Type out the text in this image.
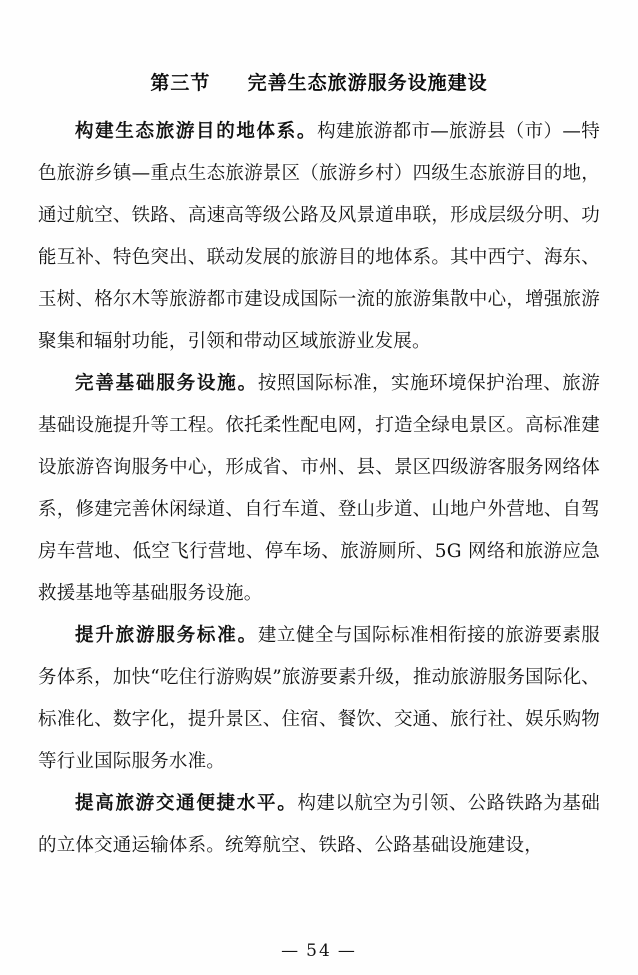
第三节 完善生态旅游服务设施建设

构建生态旅游目的地体系。构建旅游都市—旅游县（市）—特色旅游乡镇—重点生态旅游景区（旅游乡村）四级生态旅游目的地，通过航空、铁路、高速高等级公路及风景道串联，形成层级分明、功能互补、特色突出、联动发展的旅游目的地体系。其中西宁、海东、玉树、格尔木等旅游都市建设成国际一流的旅游集散中心，增强旅游聚集和辐射功能，引领和带动区域旅游业发展。

完善基础服务设施。按照国际标准，实施环境保护治理、旅游基础设施提升等工程。依托柔性配电网，打造全绿电景区。高标准建设旅游咨询服务中心，形成省、市州、县、景区四级游客服务网络体系，修建完善休闲绿道、自行车道、登山步道、山地户外营地、自驾房车营地、低空飞行营地、停车场、旅游厕所、5G 网络和旅游应急救援基地等基础服务设施。

提升旅游服务标准。建立健全与国际标准相衔接的旅游要素服务体系，加快“吃住行游购娱”旅游要素升级，推动旅游服务国际化、标准化、数字化，提升景区、住宿、餐饮、交通、旅行社、娱乐购物等行业国际服务水准。

提高旅游交通便捷水平。构建以航空为引领、公路铁路为基础的立体交通运输体系。统筹航空、铁路、公路基础设施建设，

— 54 —
